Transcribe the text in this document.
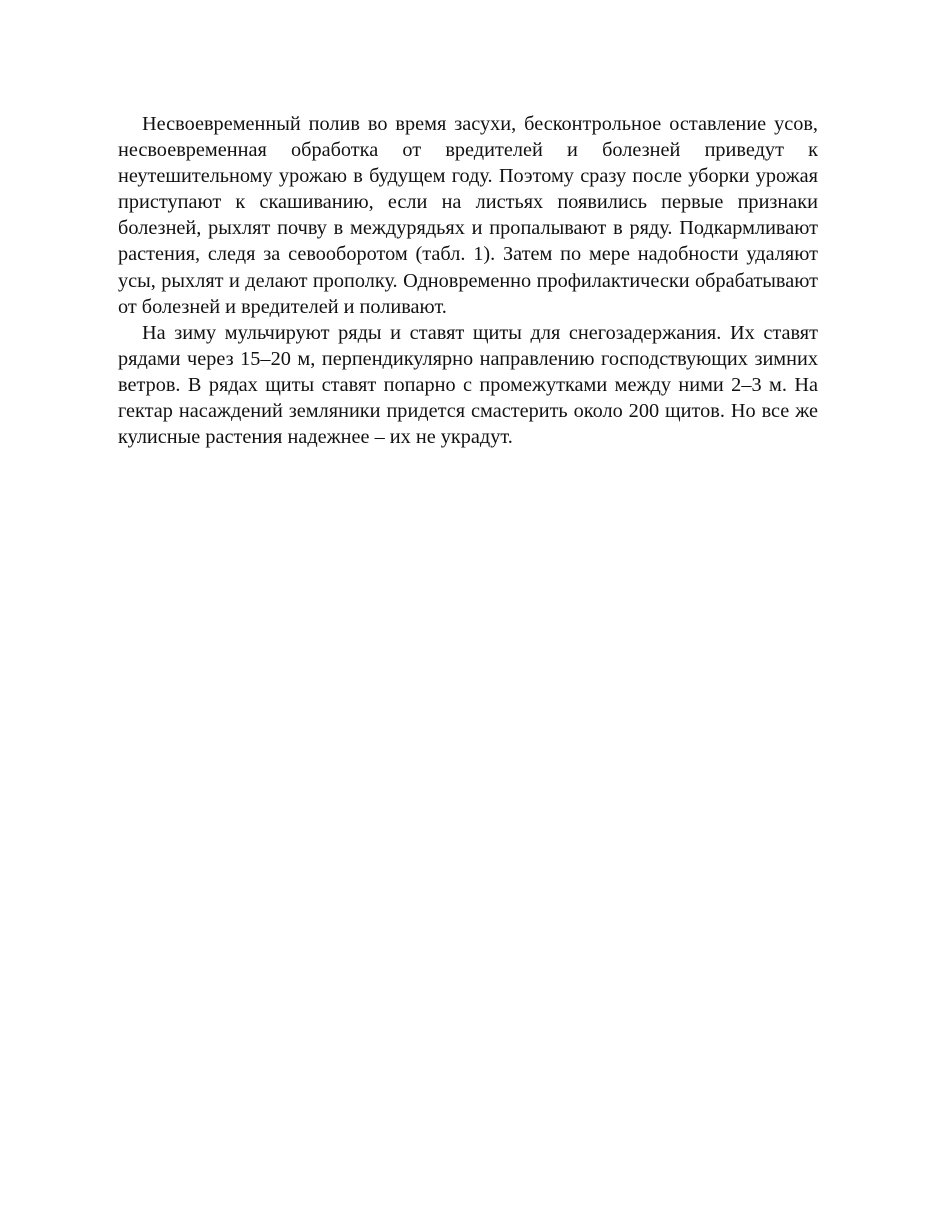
Несвоевременный полив во время засухи, бесконтрольное оставление усов, несвоевременная обработка от вредителей и болезней приведут к неутешительному урожаю в будущем году. Поэтому сразу после уборки урожая приступают к скашиванию, если на листьях появились первые признаки болезней, рыхлят почву в междурядьях и пропалывают в ряду. Подкармливают растения, следя за севооборотом (табл. 1). Затем по мере надобности удаляют усы, рыхлят и делают прополку. Одновременно профилактически обрабатывают от болезней и вредителей и поливают.

На зиму мульчируют ряды и ставят щиты для снегозадержания. Их ставят рядами через 15–20 м, перпендикулярно направлению господствующих зимних ветров. В рядах щиты ставят попарно с промежутками между ними 2–3 м. На гектар насаждений земляники придется смастерить около 200 щитов. Но все же кулисные растения надежнее – их не украдут.
